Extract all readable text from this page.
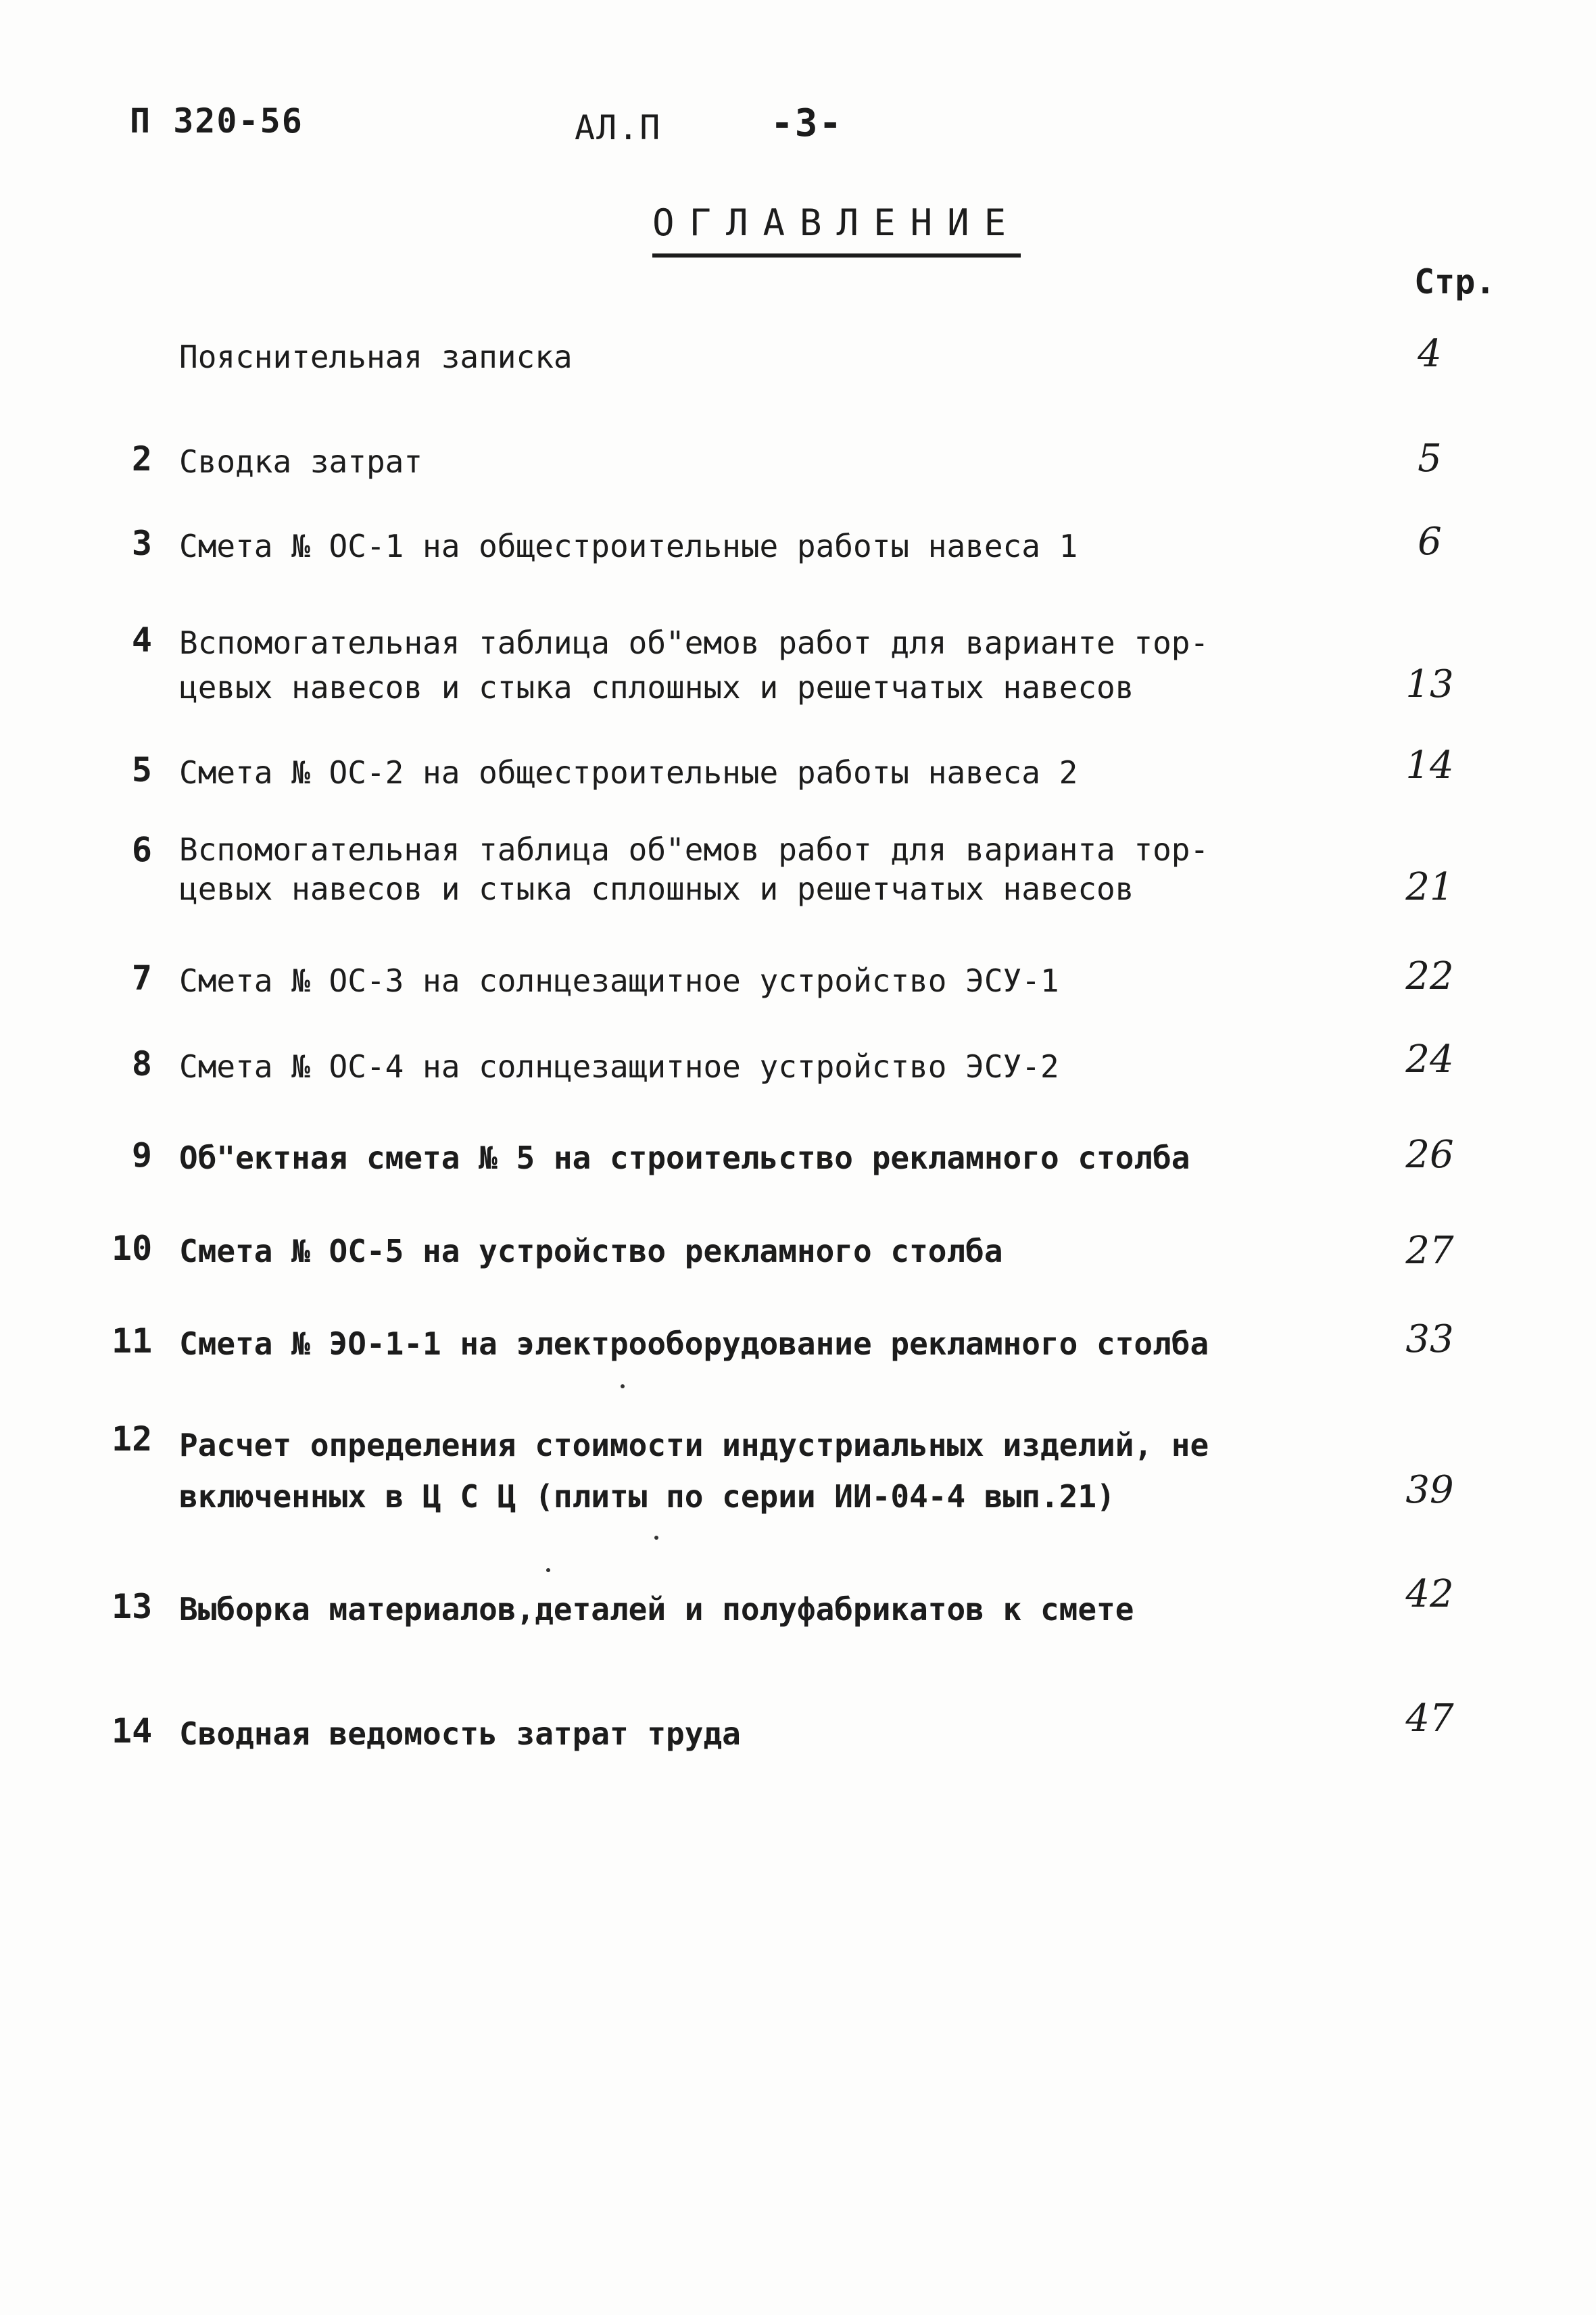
П 320-56	АЛ.П	-3-
ОГЛАВЛЕНИЕ
Стр.
Пояснительная записка	4
2 Сводка затрат	5
3 Смета № ОС-1 на общестроительные работы навеса 1	6
4 Вспомогательная таблица об"емов работ для варианте тор-
цевых навесов и стыка сплошных и решетчатых навесов	13
5 Смета № ОС-2 на общестроительные работы навеса 2	14
6 Вспомогательная таблица об"емов работ для варианта тор-
цевых навесов и стыка сплошных и решетчатых навесов	21
7 Смета № ОС-3 на солнцезащитное устройство ЭСУ-1	22
8 Смета № ОС-4 на солнцезащитное устройство ЭСУ-2	24
9 Об"ектная смета № 5 на строительство рекламного столба	26
10 Смета № ОС-5 на устройство рекламного столба	27
11 Смета № ЭО-1-1 на электрооборудование рекламного столба	33
12 Расчет определения стоимости индустриальных изделий, не
включенных в Ц С Ц (плиты по серии ИИ-04-4 вып.21)	39
13 Выборка материалов,деталей и полуфабрикатов к смете	42
14 Сводная ведомость затрат труда	47
